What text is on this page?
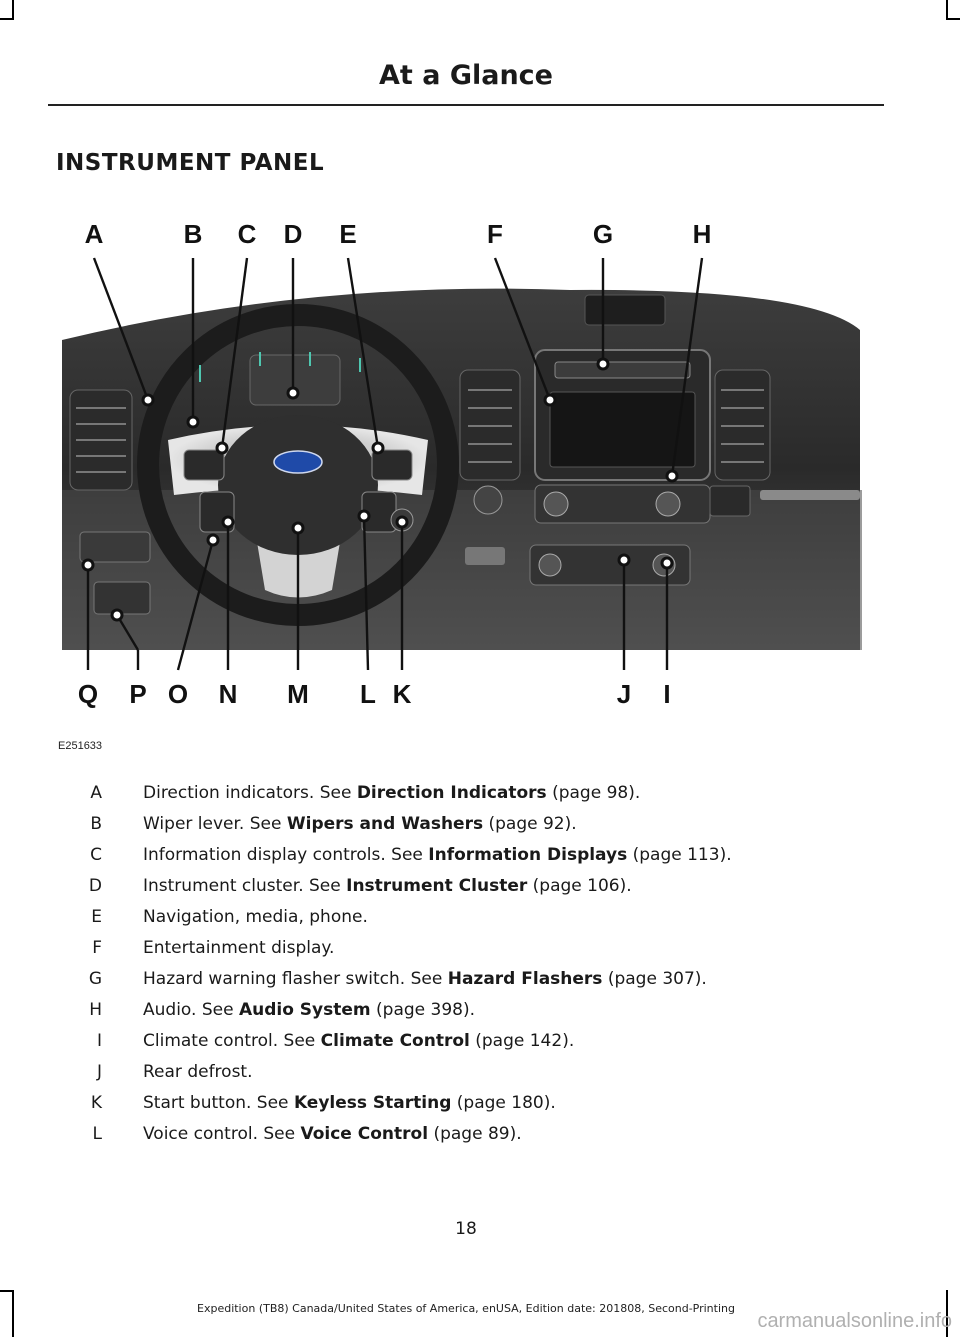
At a Glance
INSTRUMENT PANEL
A	B C D E	F	G	H
Q P O N M L K	J I
E251633
A Direction indicators. See Direction Indicators (page 98).
B Wiper lever. See Wipers and Washers (page 92).
C Information display controls. See Information Displays (page 113).
D Instrument cluster. See Instrument Cluster (page 106).
E Navigation, media, phone.
F Entertainment display.
G Hazard warning flasher switch. See Hazard Flashers (page 307).
H Audio. See Audio System (page 398).
I Climate control. See Climate Control (page 142).
J Rear defrost.
K Start button. See Keyless Starting (page 180).
L Voice control. See Voice Control (page 89).
18
Expedition (TB8) Canada/United States of America, enUSA, Edition date: 201808, Second-Printing
carmanualsonline.info
